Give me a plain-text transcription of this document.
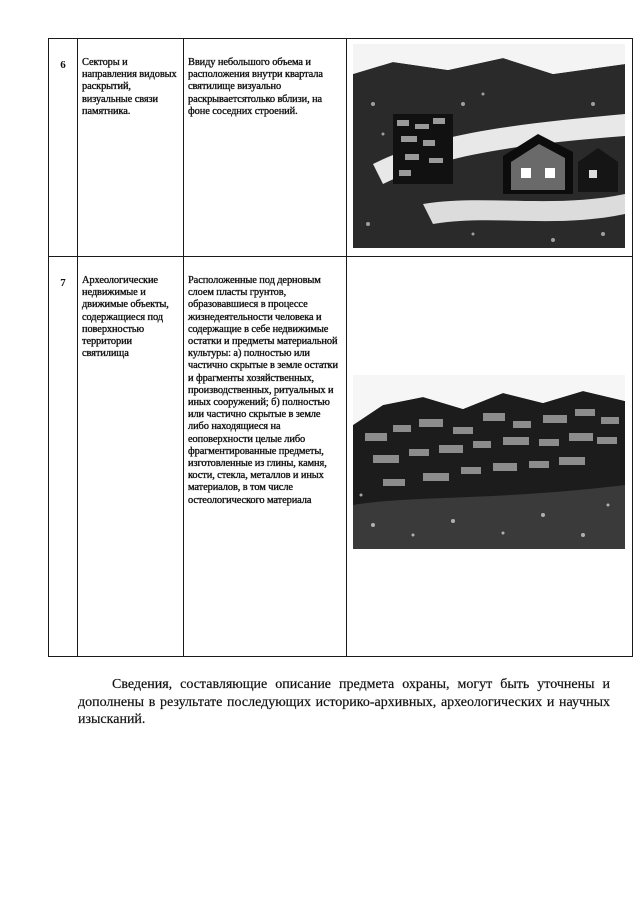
6	Секторы и направления видовых раскрытий, визуальные связи памятника.	Ввиду небольшого объема и расположения внутри квартала святилище визуально раскрываетсятолько вблизи, на фоне соседних строений.

7	Археологические недвижимые и движимые объекты, содержащиеся под поверхностью территории святилища	Расположенные под дерновым слоем пласты грунтов, образовавшиеся в процессе жизнедеятельности человека и содержащие в себе недвижимые остатки и предметы материальной культуры: а) полностью или частично скрытые в земле остатки и фрагменты хозяйственных, производственных, ритуальных и иных сооружений; б) полностью или частично скрытые в земле либо находящиеся на еоповерхности целые либо фрагментированные предметы, изготовленные из глины, камня, кости, стекла, металлов и иных материалов, в том числе остеологического материала

Сведения, составляющие описание предмета охраны, могут быть уточнены и дополнены в результате последующих историко-архивных, археологических и научных изысканий.
